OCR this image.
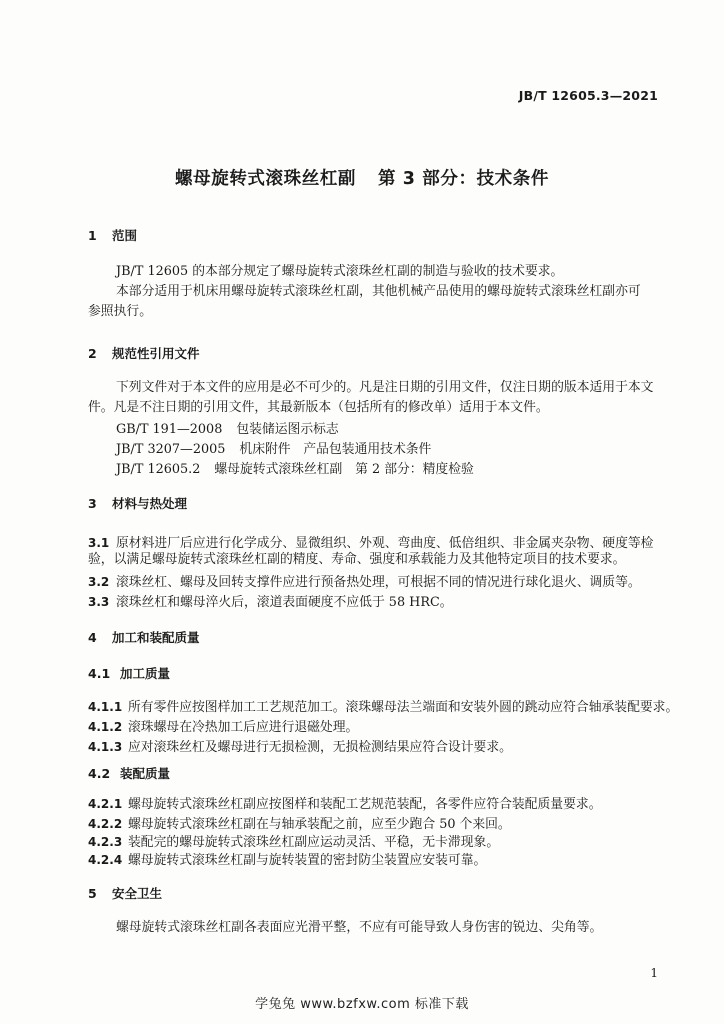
JB/T 12605.3—2021
螺母旋转式滚珠丝杠副 第 3 部分：技术条件
1 范围
JB/T 12605 的本部分规定了螺母旋转式滚珠丝杠副的制造与验收的技术要求。
本部分适用于机床用螺母旋转式滚珠丝杠副，其他机械产品使用的螺母旋转式滚珠丝杠副亦可
参照执行。
2 规范性引用文件
下列文件对于本文件的应用是必不可少的。凡是注日期的引用文件，仅注日期的版本适用于本文
件。凡是不注日期的引用文件，其最新版本（包括所有的修改单）适用于本文件。
GB/T 191—2008 包装储运图示标志
JB/T 3207—2005 机床附件　产品包装通用技术条件
JB/T 12605.2 螺母旋转式滚珠丝杠副　第 2 部分：精度检验
3 材料与热处理
3.1 原材料进厂后应进行化学成分、显微组织、外观、弯曲度、低倍组织、非金属夹杂物、硬度等检
验，以满足螺母旋转式滚珠丝杠副的精度、寿命、强度和承载能力及其他特定项目的技术要求。
3.2 滚珠丝杠、螺母及回转支撑件应进行预备热处理，可根据不同的情况进行球化退火、调质等。
3.3 滚珠丝杠和螺母淬火后，滚道表面硬度不应低于 58 HRC。
4 加工和装配质量
4.1 加工质量
4.1.1 所有零件应按图样加工工艺规范加工。滚珠螺母法兰端面和安装外圆的跳动应符合轴承装配要求。
4.1.2 滚珠螺母在冷热加工后应进行退磁处理。
4.1.3 应对滚珠丝杠及螺母进行无损检测，无损检测结果应符合设计要求。
4.2 装配质量
4.2.1 螺母旋转式滚珠丝杠副应按图样和装配工艺规范装配，各零件应符合装配质量要求。
4.2.2 螺母旋转式滚珠丝杠副在与轴承装配之前，应至少跑合 50 个来回。
4.2.3 装配完的螺母旋转式滚珠丝杠副应运动灵活、平稳，无卡滞现象。
4.2.4 螺母旋转式滚珠丝杠副与旋转装置的密封防尘装置应安装可靠。
5 安全卫生
螺母旋转式滚珠丝杠副各表面应光滑平整，不应有可能导致人身伤害的锐边、尖角等。
1
学兔兔 www.bzfxw.com 标准下载
